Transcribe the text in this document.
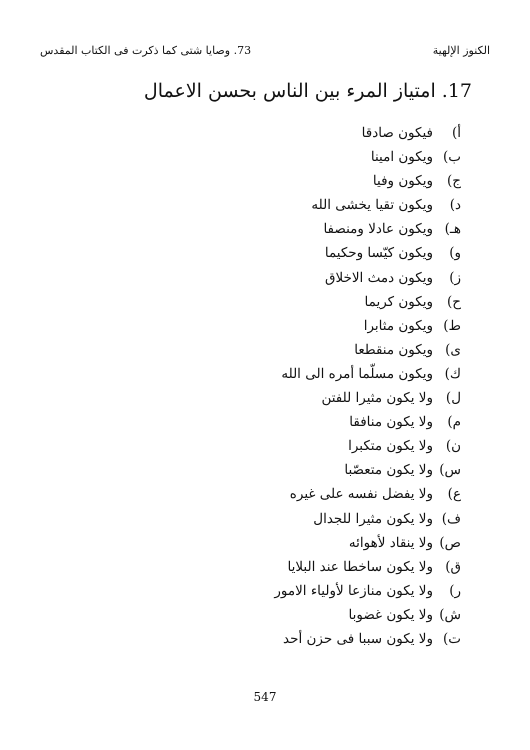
73. وصايا شتى كما ذكرت فى الكتاب المقدس	الكنوز الإلهية
17. امتياز المرء بين الناس بحسن الاعمال
أ)
فيكون صادقا
ب)
ويكون امينا
ج)
ويكون وفيا
د)
ويكون تقيا يخشى الله
هـ)
ويكون عادلا ومنصفا
و)
ويكون كيّسا وحكيما
ز)
ويكون دمث الاخلاق
ح)
ويكون كريما
ط)
ويكون مثابرا
ى)
ويكون منقطعا
ك)
ويكون مسلّما أمره الى الله
ل)
ولا يكون مثيرا للفتن
م)
ولا يكون منافقا
ن)
ولا يكون متكبرا
س)
ولا يكون متعصّبا
ع)
ولا يفضل نفسه على غيره
ف)
ولا يكون مثيرا للجدال
ص)
ولا ينقاد لأهوائه
ق)
ولا يكون ساخطا عند البلايا
ر)
ولا يكون منازعا لأولياء الامور
ش)
ولا يكون غضوبا
ت)
ولا يكون سببا فى حزن أحد
547
